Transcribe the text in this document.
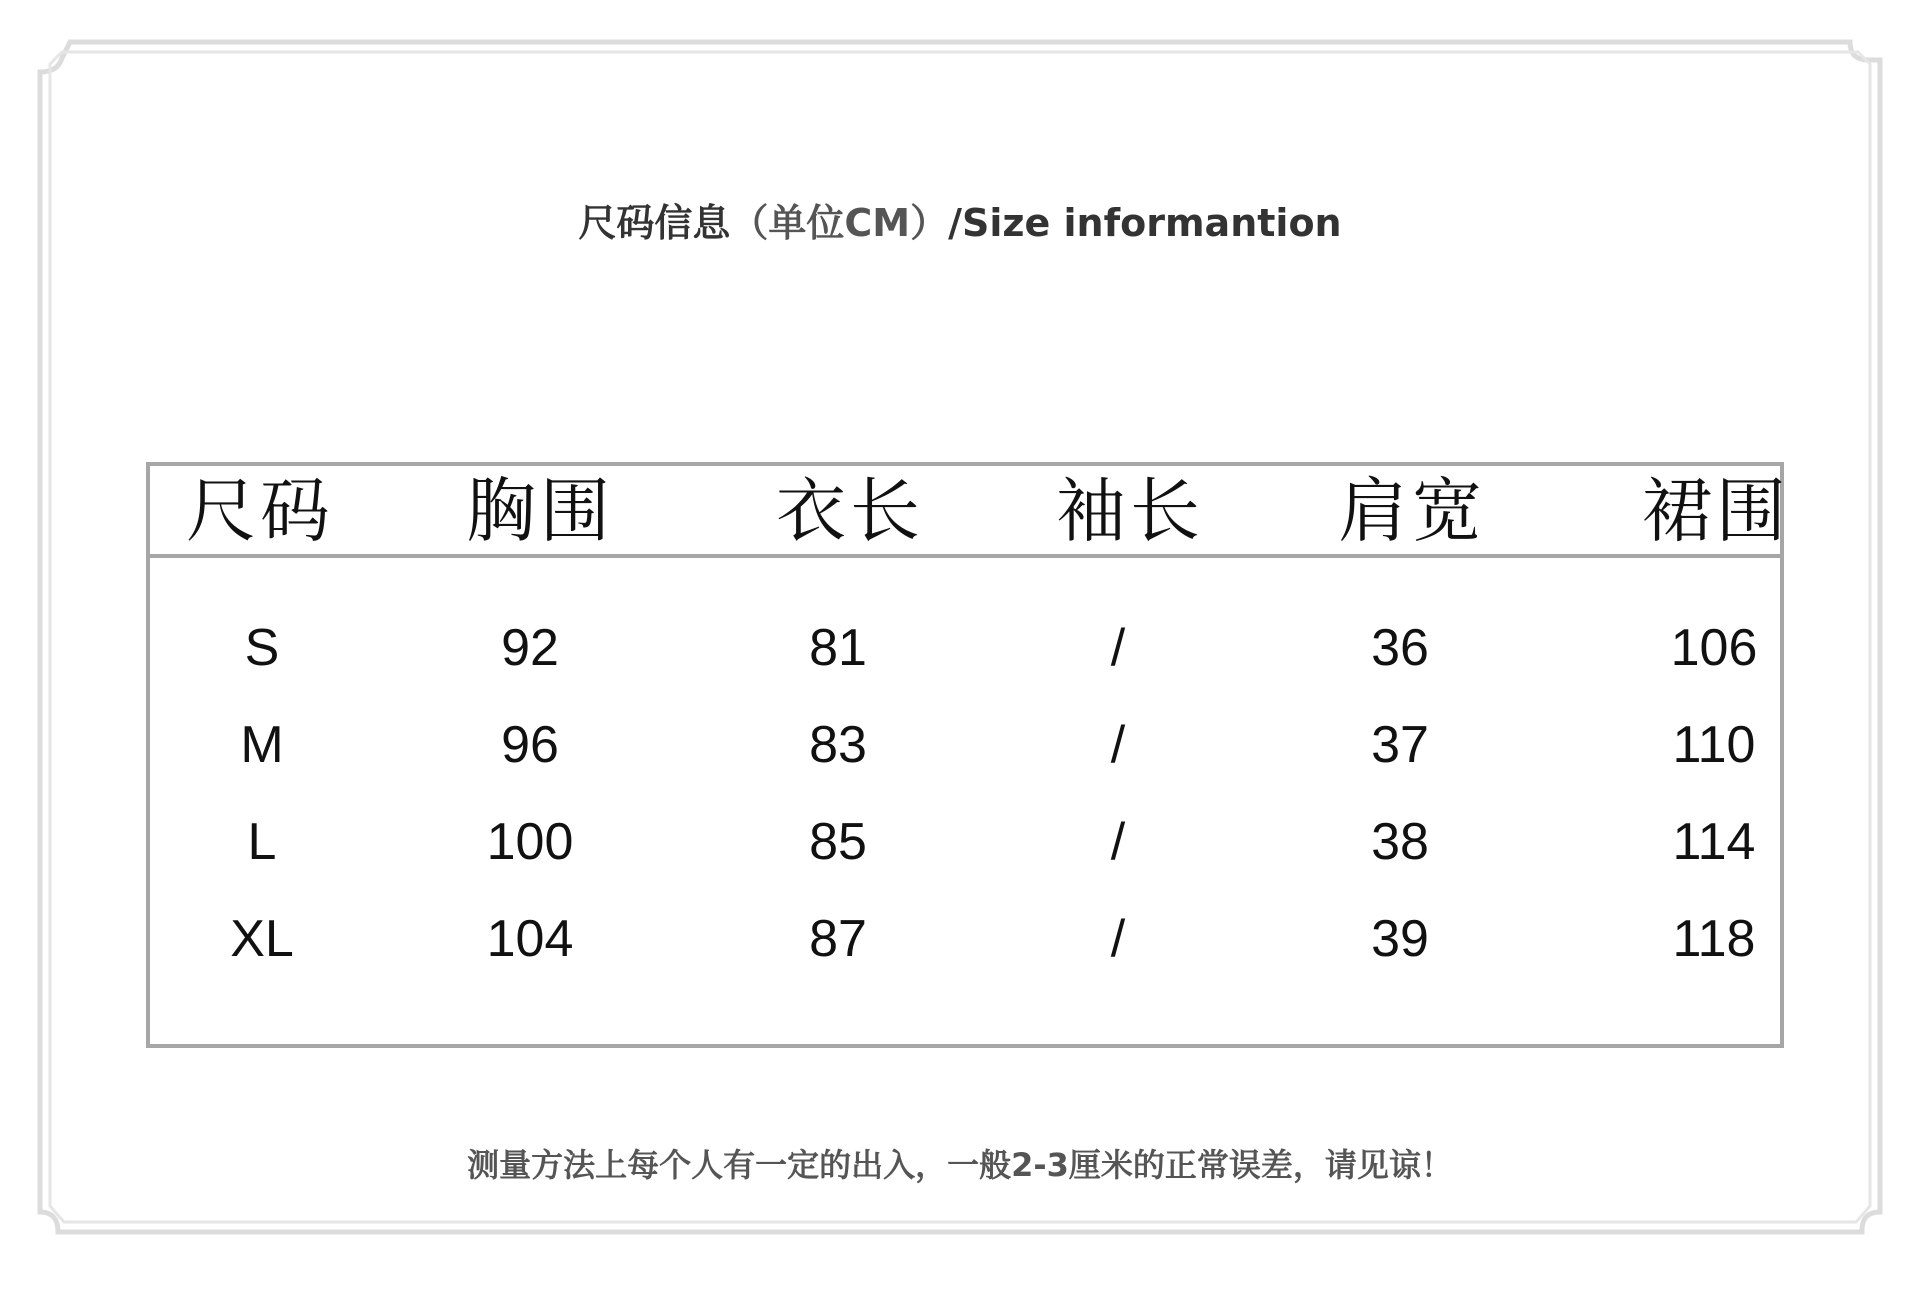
尺码信息（单位CM）/Size informantion
尺码 胸围 衣长 袖长 肩宽 裙围
S	92	81	/	36	106
M	96	83	/	37	110
L	100	85	/	38	114
XL	104	87	/	39	118
测量方法上每个人有一定的出入，一般2-3厘米的正常误差，请见谅！
